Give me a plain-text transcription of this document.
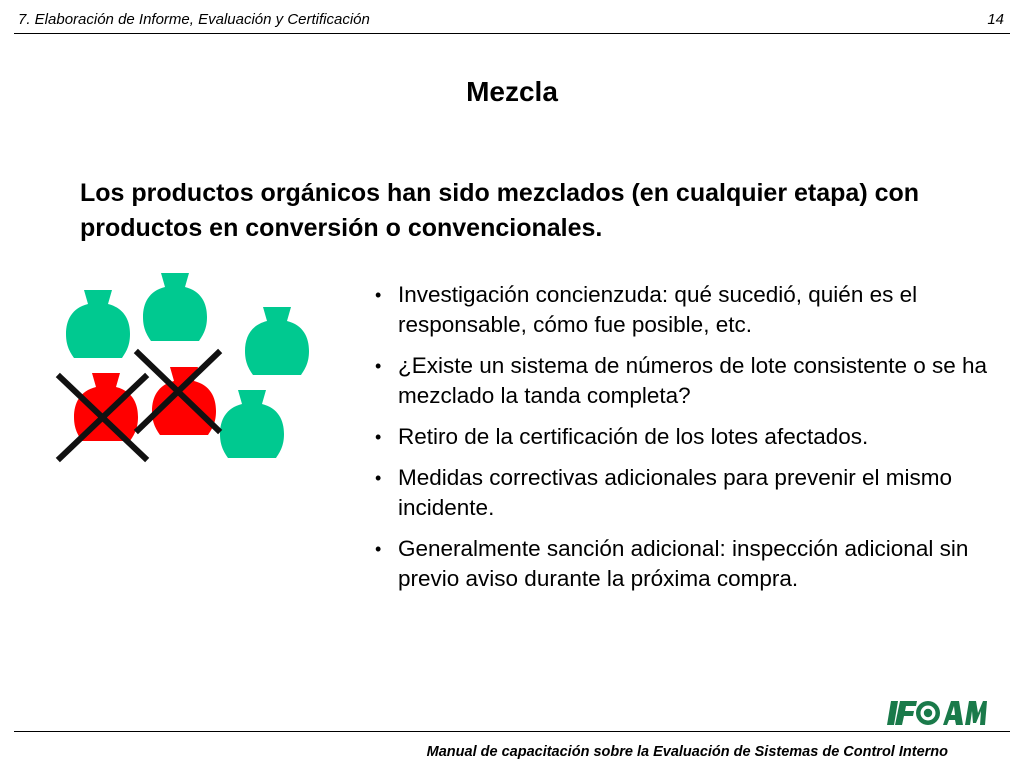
7. Elaboración de Informe, Evaluación y Certificación	14
Mezcla
Los productos orgánicos han sido mezclados (en cualquier etapa) con productos en conversión o convencionales.
• Investigación concienzuda: qué sucedió, quién es el responsable, cómo fue posible, etc.
• ¿Existe un sistema de números de lote consistente o se ha mezclado la tanda completa?
• Retiro de la certificación de los lotes afectados.
• Medidas correctivas adicionales para prevenir el mismo incidente.
• Generalmente sanción adicional: inspección adicional sin previo aviso durante la próxima compra.
Manual de capacitación sobre la Evaluación de Sistemas de Control Interno
